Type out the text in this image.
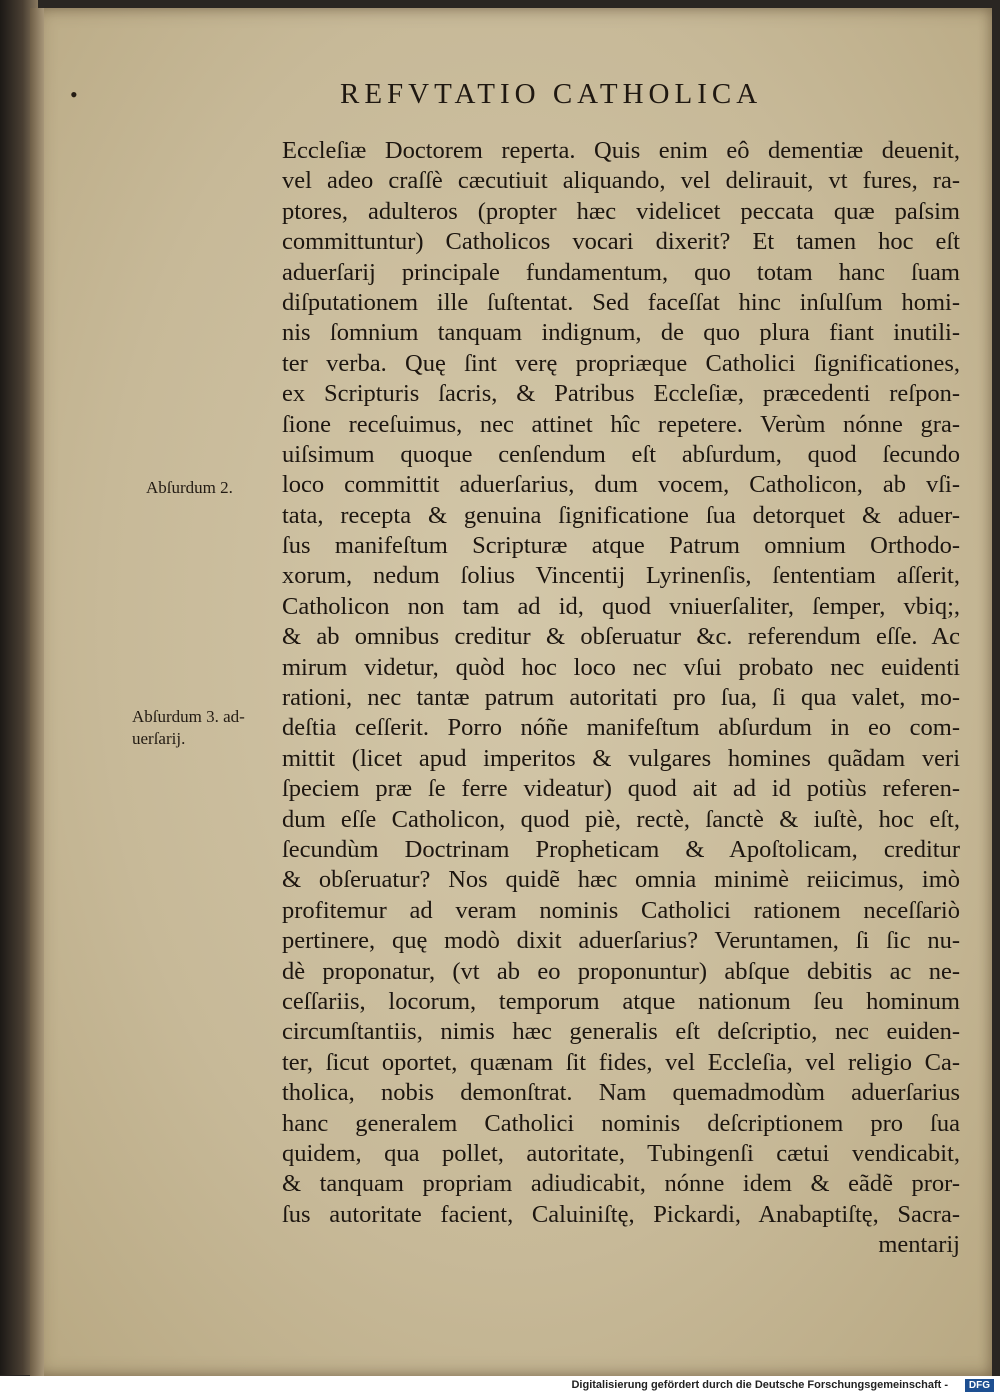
•	REFVTATIO CATHOLICA
Abſurdum 2.
Abſurdum 3. ad- uerſarij.
Eccleſiæ Doctorem reperta. Quis enim eô dementiæ deuenit,
vel adeo craſſè cæcutiuit aliquando, vel delirauit, vt fures, ra-
ptores, adulteros (propter hæc videlicet peccata quæ paſsim
committuntur) Catholicos vocari dixerit? Et tamen hoc eſt
aduerſarij principale fundamentum, quo totam hanc ſuam
diſputationem ille ſuſtentat. Sed faceſſat hinc inſulſum homi-
nis ſomnium tanquam indignum, de quo plura fiant inutili-
ter verba. Quę ſint verę propriæque Catholici ſignificationes,
ex Scripturis ſacris, & Patribus Eccleſiæ, præcedenti reſpon-
ſione receſuimus, nec attinet hîc repetere. Verùm nónne gra-
uiſsimum quoque cenſendum eſt abſurdum, quod ſecundo
loco committit aduerſarius, dum vocem, Catholicon, ab vſi-
tata, recepta & genuina ſignificatione ſua detorquet & aduer-
ſus manifeſtum Scripturæ atque Patrum omnium Orthodo-
xorum, nedum ſolius Vincentij Lyrinenſis, ſententiam aſſerit,
Catholicon non tam ad id, quod vniuerſaliter, ſemper, vbiq;,
& ab omnibus creditur & obſeruatur &c. referendum eſſe. Ac
mirum videtur, quòd hoc loco nec vſui probato nec euidenti
rationi, nec tantæ patrum autoritati pro ſua, ſi qua valet, mo-
deſtia ceſſerit. Porro nóñe manifeſtum abſurdum in eo com-
mittit (licet apud imperitos & vulgares homines quãdam veri
ſpeciem præ ſe ferre videatur) quod ait ad id potiùs referen-
dum eſſe Catholicon, quod piè, rectè, ſanctè & iuſtè, hoc eſt,
ſecundùm Doctrinam Propheticam & Apoſtolicam, creditur
& obſeruatur? Nos quidẽ hæc omnia minimè reiicimus, imò
profitemur ad veram nominis Catholici rationem neceſſariò
pertinere, quę modò dixit aduerſarius? Veruntamen, ſi ſic nu-
dè proponatur, (vt ab eo proponuntur) abſque debitis ac ne-
ceſſariis, locorum, temporum atque nationum ſeu hominum
circumſtantiis, nimis hæc generalis eſt deſcriptio, nec euiden-
ter, ſicut oportet, quænam ſit fides, vel Eccleſia, vel religio Ca-
tholica, nobis demonſtrat. Nam quemadmodùm aduerſarius
hanc generalem Catholici nominis deſcriptionem pro ſua
quidem, qua pollet, autoritate, Tubingenſi cætui vendicabit,
& tanquam propriam adiudicabit, nónne idem & eãdẽ pror-
ſus autoritate facient, Caluiniſtę, Pickardi, Anabaptiſtę, Sacra-
mentarij
Digitalisierung gefördert durch die Deutsche Forschungsgemeinschaft -	DFG
